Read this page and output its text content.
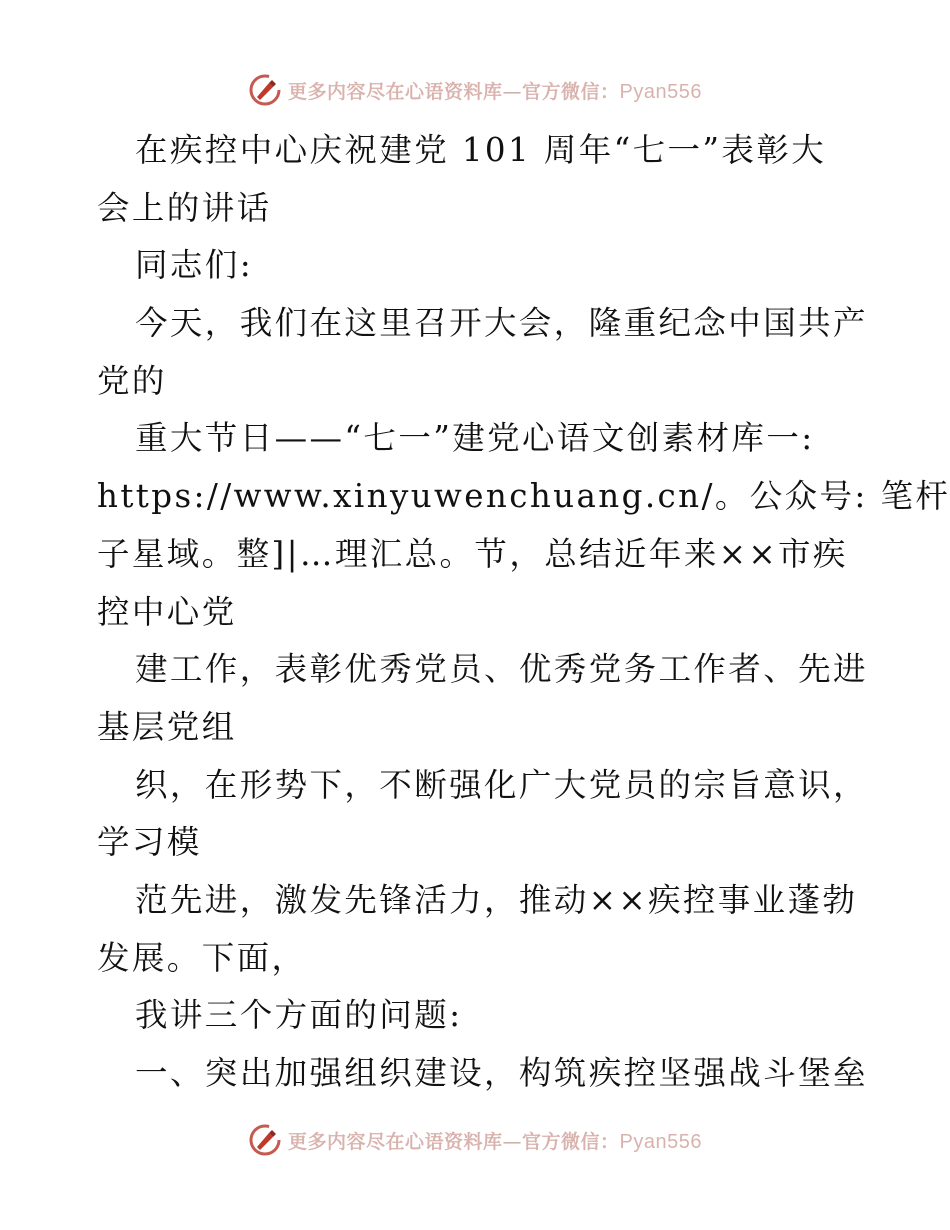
更多内容尽在心语资料库—官方微信：Pyan556
在疾控中心庆祝建党 101 周年“七一”表彰大
会上的讲话
同志们:
今天，我们在这里召开大会，隆重纪念中国共产
党的
重大节日——“七一”建党心语文创素材库一:
https://www.xinyuwenchuang.cn/。公众号: 笔杆
子星域。整]|…理汇总。节，总结近年来××市疾
控中心党
建工作，表彰优秀党员、优秀党务工作者、先进
基层党组
织，在形势下，不断强化广大党员的宗旨意识，
学习模
范先进，激发先锋活力，推动××疾控事业蓬勃
发展。下面，
我讲三个方面的问题:
一、突出加强组织建设，构筑疾控坚强战斗堡垒
更多内容尽在心语资料库—官方微信：Pyan556
